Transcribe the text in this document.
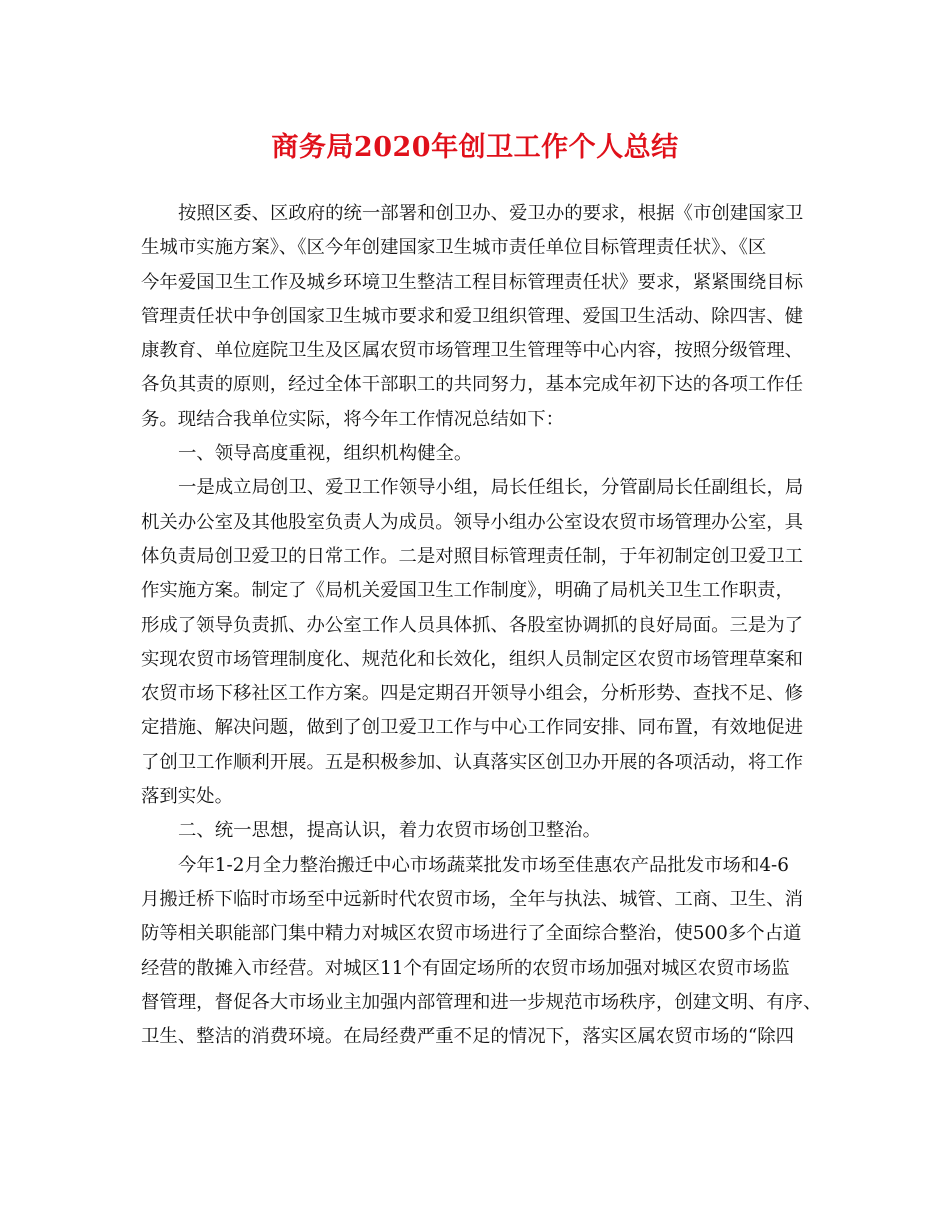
商务局2020年创卫工作个人总结
按照区委、区政府的统一部署和创卫办、爱卫办的要求，根据《市创建国家卫
生城市实施方案》、《区今年创建国家卫生城市责任单位目标管理责任状》、《区
今年爱国卫生工作及城乡环境卫生整洁工程目标管理责任状》要求，紧紧围绕目标
管理责任状中争创国家卫生城市要求和爱卫组织管理、爱国卫生活动、除四害、健
康教育、单位庭院卫生及区属农贸市场管理卫生管理等中心内容，按照分级管理、
各负其责的原则，经过全体干部职工的共同努力，基本完成年初下达的各项工作任
务。现结合我单位实际，将今年工作情况总结如下：
一、领导高度重视，组织机构健全。
一是成立局创卫、爱卫工作领导小组，局长任组长，分管副局长任副组长，局
机关办公室及其他股室负责人为成员。领导小组办公室设农贸市场管理办公室，具
体负责局创卫爱卫的日常工作。二是对照目标管理责任制，于年初制定创卫爱卫工
作实施方案。制定了《局机关爱国卫生工作制度》，明确了局机关卫生工作职责，
形成了领导负责抓、办公室工作人员具体抓、各股室协调抓的良好局面。三是为了
实现农贸市场管理制度化、规范化和长效化，组织人员制定区农贸市场管理草案和
农贸市场下移社区工作方案。四是定期召开领导小组会，分析形势、查找不足、修
定措施、解决问题，做到了创卫爱卫工作与中心工作同安排、同布置，有效地促进
了创卫工作顺利开展。五是积极参加、认真落实区创卫办开展的各项活动，将工作
落到实处。
二、统一思想，提高认识，着力农贸市场创卫整治。
今年1-2月全力整治搬迁中心市场蔬菜批发市场至佳惠农产品批发市场和4-6
月搬迁桥下临时市场至中远新时代农贸市场，全年与执法、城管、工商、卫生、消
防等相关职能部门集中精力对城区农贸市场进行了全面综合整治，使500多个占道
经营的散摊入市经营。对城区11个有固定场所的农贸市场加强对城区农贸市场监
督管理，督促各大市场业主加强内部管理和进一步规范市场秩序，创建文明、有序、
卫生、整洁的消费环境。在局经费严重不足的情况下，落实区属农贸市场的“除四
